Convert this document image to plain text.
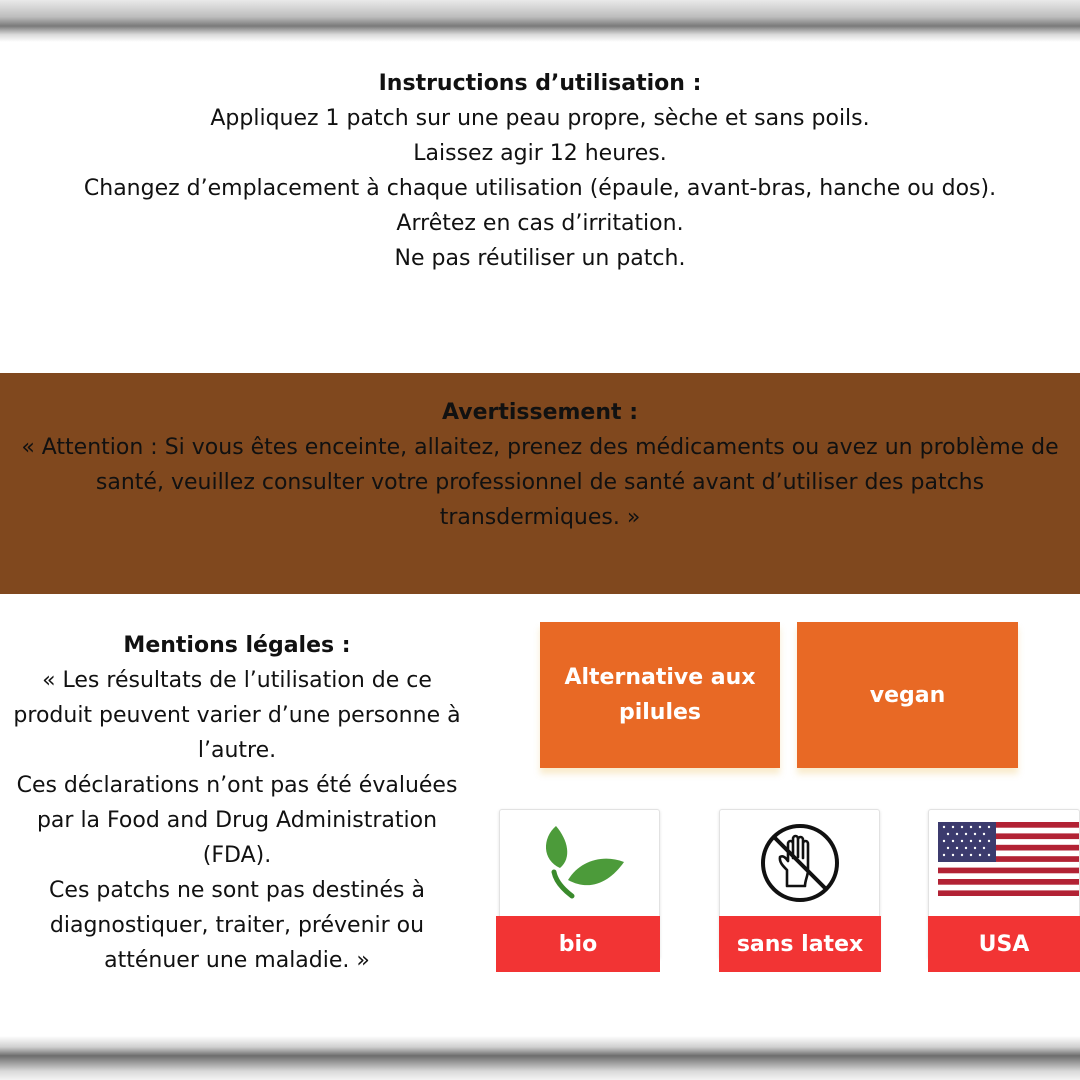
Instructions d’utilisation :
Appliquez 1 patch sur une peau propre, sèche et sans poils.
Laissez agir 12 heures.
Changez d’emplacement à chaque utilisation (épaule, avant-bras, hanche ou dos).
Arrêtez en cas d’irritation.
Ne pas réutiliser un patch.
Avertissement :
« Attention : Si vous êtes enceinte, allaitez, prenez des médicaments ou avez un problème de santé, veuillez consulter votre professionnel de santé avant d’utiliser des patchs transdermiques. »
Mentions légales :

« Les résultats de l’utilisation de ce produit peuvent varier d’une personne à l’autre.

Ces déclarations n’ont pas été évaluées par la Food and Drug Administration (FDA).

Ces patchs ne sont pas destinés à diagnostiquer, traiter, prévenir ou atténuer une maladie. »

Alternative aux pilules
vegan
bio	sans latex	USA
